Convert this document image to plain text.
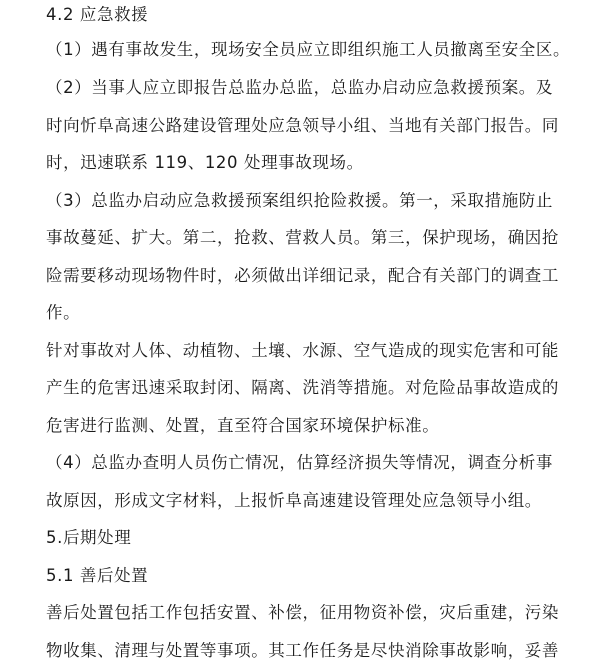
4.2 应急救援
（1）遇有事故发生，现场安全员应立即组织施工人员撤离至安全区。
（2）当事人应立即报告总监办总监，总监办启动应急救援预案。及
时向忻阜高速公路建设管理处应急领导小组、当地有关部门报告。同
时，迅速联系 119、120 处理事故现场。
（3）总监办启动应急救援预案组织抢险救援。第一，采取措施防止
事故蔓延、扩大。第二，抢救、营救人员。第三，保护现场，确因抢
险需要移动现场物件时，必须做出详细记录，配合有关部门的调查工
作。
针对事故对人体、动植物、土壤、水源、空气造成的现实危害和可能
产生的危害迅速采取封闭、隔离、洗消等措施。对危险品事故造成的
危害进行监测、处置，直至符合国家环境保护标准。
（4）总监办查明人员伤亡情况，估算经济损失等情况，调查分析事
故原因，形成文字材料，上报忻阜高速建设管理处应急领导小组。
5.后期处理
5.1 善后处置
善后处置包括工作包括安置、补偿，征用物资补偿，灾后重建，污染
物收集、清理与处置等事项。其工作任务是尽快消除事故影响，妥善
